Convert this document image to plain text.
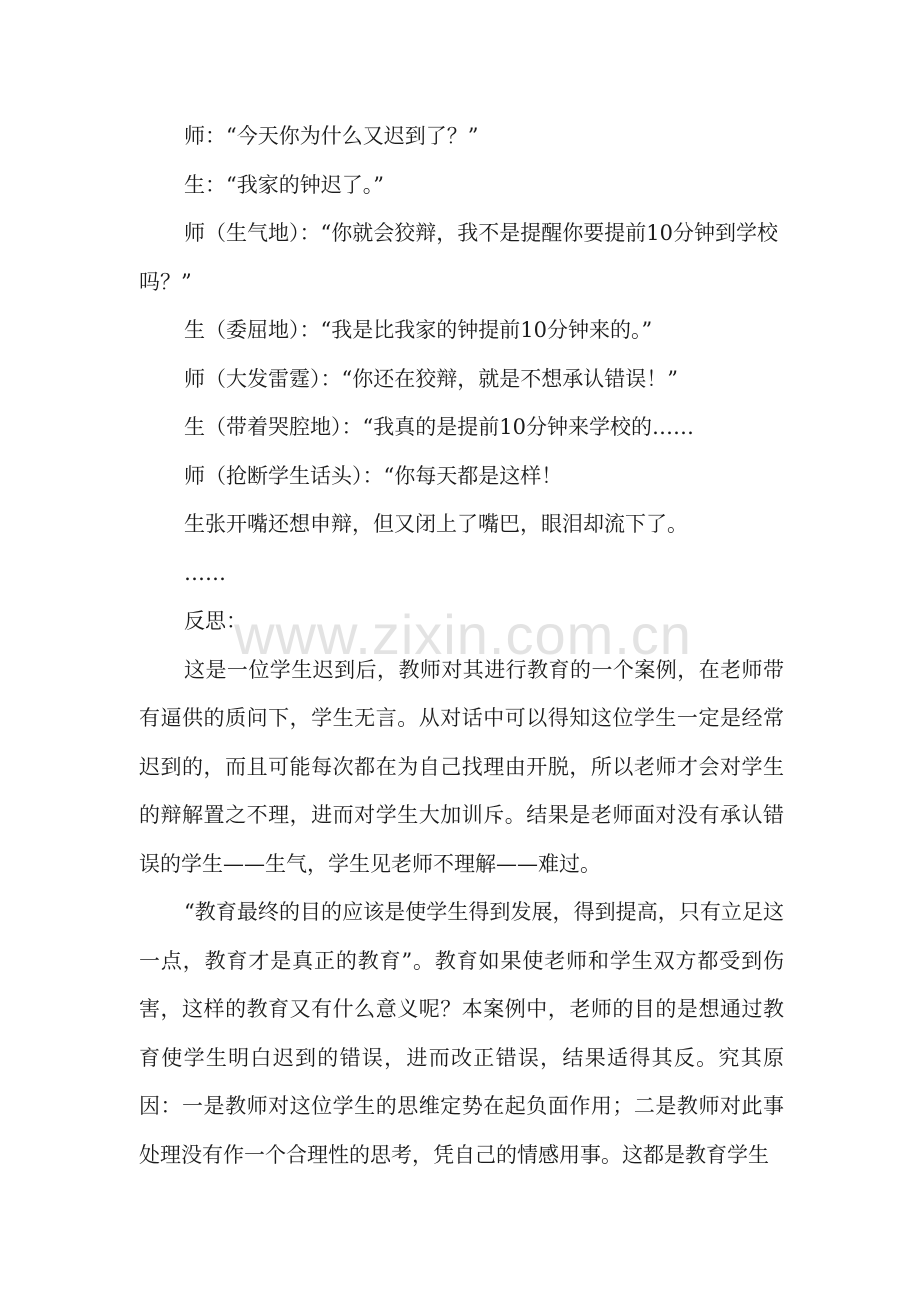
师：“今天你为什么又迟到了？”

生：“我家的钟迟了。”

师（生气地）：“你就会狡辩，我不是提醒你要提前10分钟到学校吗？”

生（委屈地）：“我是比我家的钟提前10分钟来的。”

师（大发雷霆）：“你还在狡辩，就是不想承认错误！”

生（带着哭腔地）：“我真的是提前10分钟来学校的……

师（抢断学生话头）：“你每天都是这样！

生张开嘴还想申辩，但又闭上了嘴巴，眼泪却流下了。

……

反思：

这是一位学生迟到后，教师对其进行教育的一个案例，在老师带有逼供的质问下，学生无言。从对话中可以得知这位学生一定是经常迟到的，而且可能每次都在为自己找理由开脱，所以老师才会对学生的辩解置之不理，进而对学生大加训斥。结果是老师面对没有承认错误的学生——生气，学生见老师不理解——难过。

“教育最终的目的应该是使学生得到发展，得到提高，只有立足这一点，教育才是真正的教育”。教育如果使老师和学生双方都受到伤害，这样的教育又有什么意义呢？本案例中，老师的目的是想通过教育使学生明白迟到的错误，进而改正错误，结果适得其反。究其原因：一是教师对这位学生的思维定势在起负面作用；二是教师对此事处理没有作一个合理性的思考，凭自己的情感用事。这都是教育学生

www.zixin.com.cn
